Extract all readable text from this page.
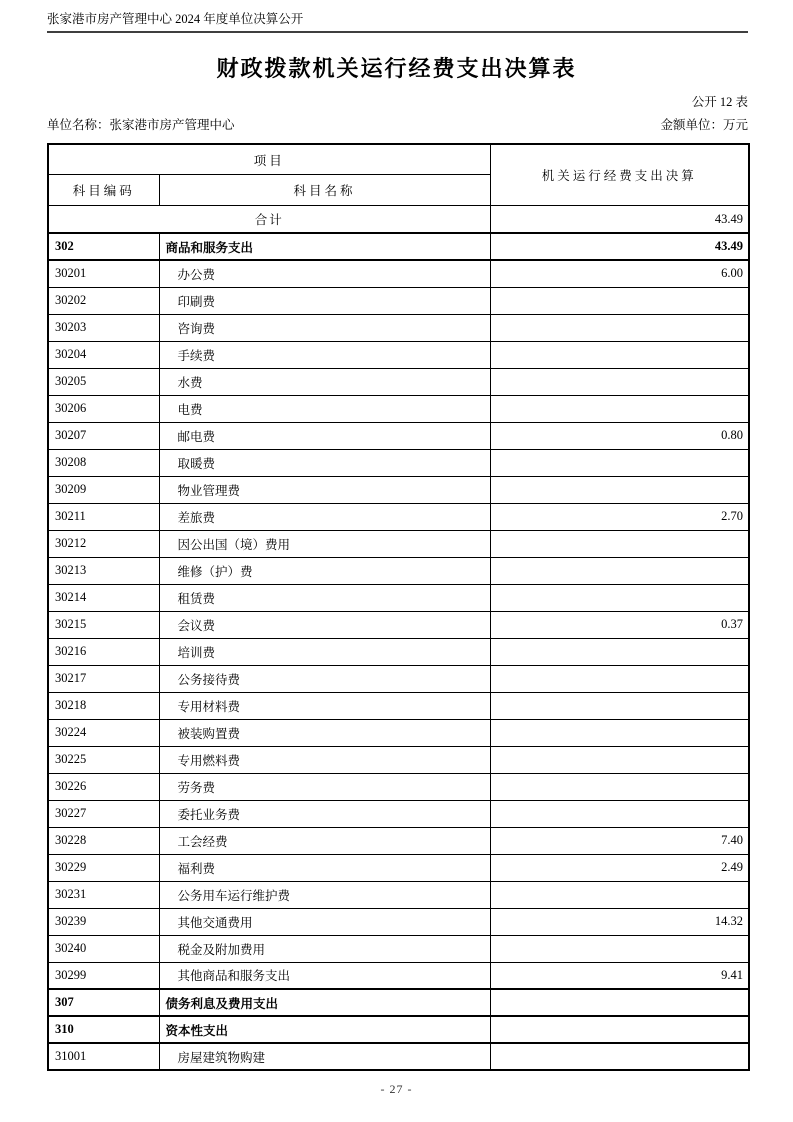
张家港市房产管理中心 2024 年度单位决算公开
财政拨款机关运行经费支出决算表
公开 12 表
单位名称：张家港市房产管理中心	金额单位：万元
项目		机关运行经费支出决算
科目编码	科目名称	
合计		43.49
302	商品和服务支出	43.49
30201	办公费	6.00
30202	印刷费	
30203	咨询费	
30204	手续费	
30205	水费	
30206	电费	
30207	邮电费	0.80
30208	取暖费	
30209	物业管理费	
30211	差旅费	2.70
30212	因公出国（境）费用	
30213	维修（护）费	
30214	租赁费	
30215	会议费	0.37
30216	培训费	
30217	公务接待费	
30218	专用材料费	
30224	被装购置费	
30225	专用燃料费	
30226	劳务费	
30227	委托业务费	
30228	工会经费	7.40
30229	福利费	2.49
30231	公务用车运行维护费	
30239	其他交通费用	14.32
30240	税金及附加费用	
30299	其他商品和服务支出	9.41
307	债务利息及费用支出	
310	资本性支出	
31001	房屋建筑物购建	
- 27 -
